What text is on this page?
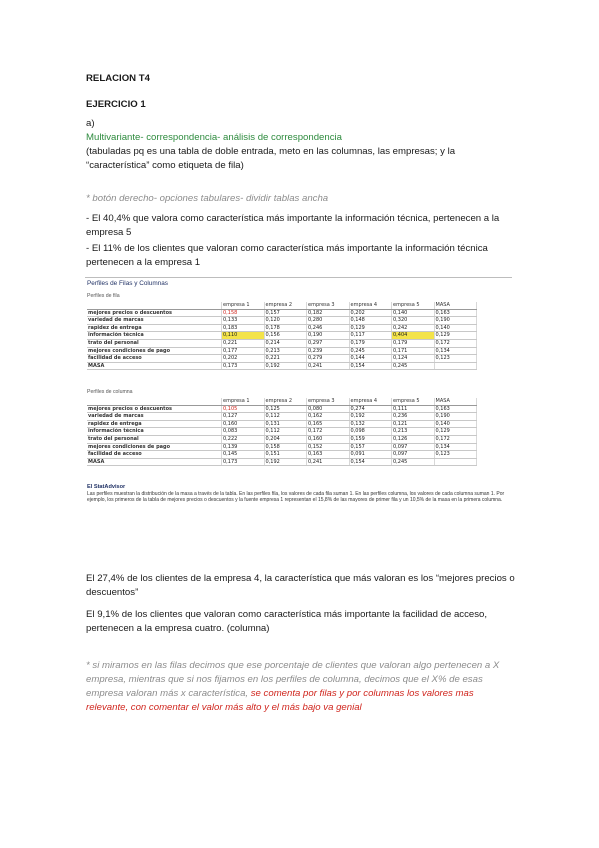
RELACION T4
EJERCICIO 1
a)
Multivariante- correspondencia- análisis de correspondencia
(tabuladas pq es una tabla de doble entrada, meto en las columnas, las empresas; y la “característica” como etiqueta de fila)
* botón derecho- opciones tabulares- dividir tablas ancha
- El 40,4% que valora como característica más importante la información técnica, pertenecen a la empresa 5
- El 11% de los clientes que valoran como característica más importante la información técnica pertenecen a la empresa 1
Perfiles de Filas y Columnas
Perfiles de fila
	empresa 1	empresa 2	empresa 3	empresa 4	empresa 5	MASA
mejores precios o descuentos	0,158	0,157	0,182	0,202	0,140	0,163
variedad de marcas	0,133	0,120	0,280	0,148	0,320	0,190
rapidez de entrega	0,183	0,178	0,246	0,129	0,242	0,140
información técnica	0,110	0,156	0,190	0,117	0,404	0,129
trato del personal	0,221	0,214	0,297	0,179	0,179	0,172
mejores condiciones de pago	0,177	0,213	0,239	0,245	0,171	0,134
facilidad de acceso	0,202	0,221	0,279	0,144	0,124	0,123
MASA	0,173	0,192	0,241	0,154	0,245	
Perfiles de columna
	empresa 1	empresa 2	empresa 3	empresa 4	empresa 5	MASA
mejores precios o descuentos	0,105	0,125	0,080	0,274	0,111	0,163
variedad de marcas	0,127	0,112	0,162	0,192	0,236	0,190
rapidez de entrega	0,160	0,131	0,165	0,132	0,121	0,140
información técnica	0,083	0,112	0,172	0,098	0,213	0,129
trato del personal	0,222	0,204	0,160	0,159	0,126	0,172
mejores condiciones de pago	0,139	0,158	0,152	0,157	0,097	0,134
facilidad de acceso	0,145	0,151	0,163	0,091	0,097	0,123
MASA	0,173	0,192	0,241	0,154	0,245	
El StatAdvisor
Las perfiles muestran la distribución de la masa a través de la tabla. En las perfiles fila, los valores de cada fila suman 1. En las perfiles columna, los valores de cada columna suman 1. Por ejemplo, los primeros de la tabla de mejores precios o descuentos y la fuente empresa 1 representan el 15,8% de las mayores de primer fila y un 10,5% de la masa en la primera columna.
El 27,4% de los clientes de la empresa 4, la característica que más valoran es los “mejores precios o descuentos”
El 9,1% de los clientes que valoran como característica más importante la facilidad de acceso, pertenecen a la empresa cuatro. (columna)
* si miramos en las filas decimos que ese porcentaje de clientes que valoran algo pertenecen a X empresa, mientras que si nos fijamos en los perfiles de columna, decimos que el X% de esas empresa valoran más x característica, se comenta por filas y por columnas los valores mas relevante, con comentar el valor más alto y el más bajo va genial
